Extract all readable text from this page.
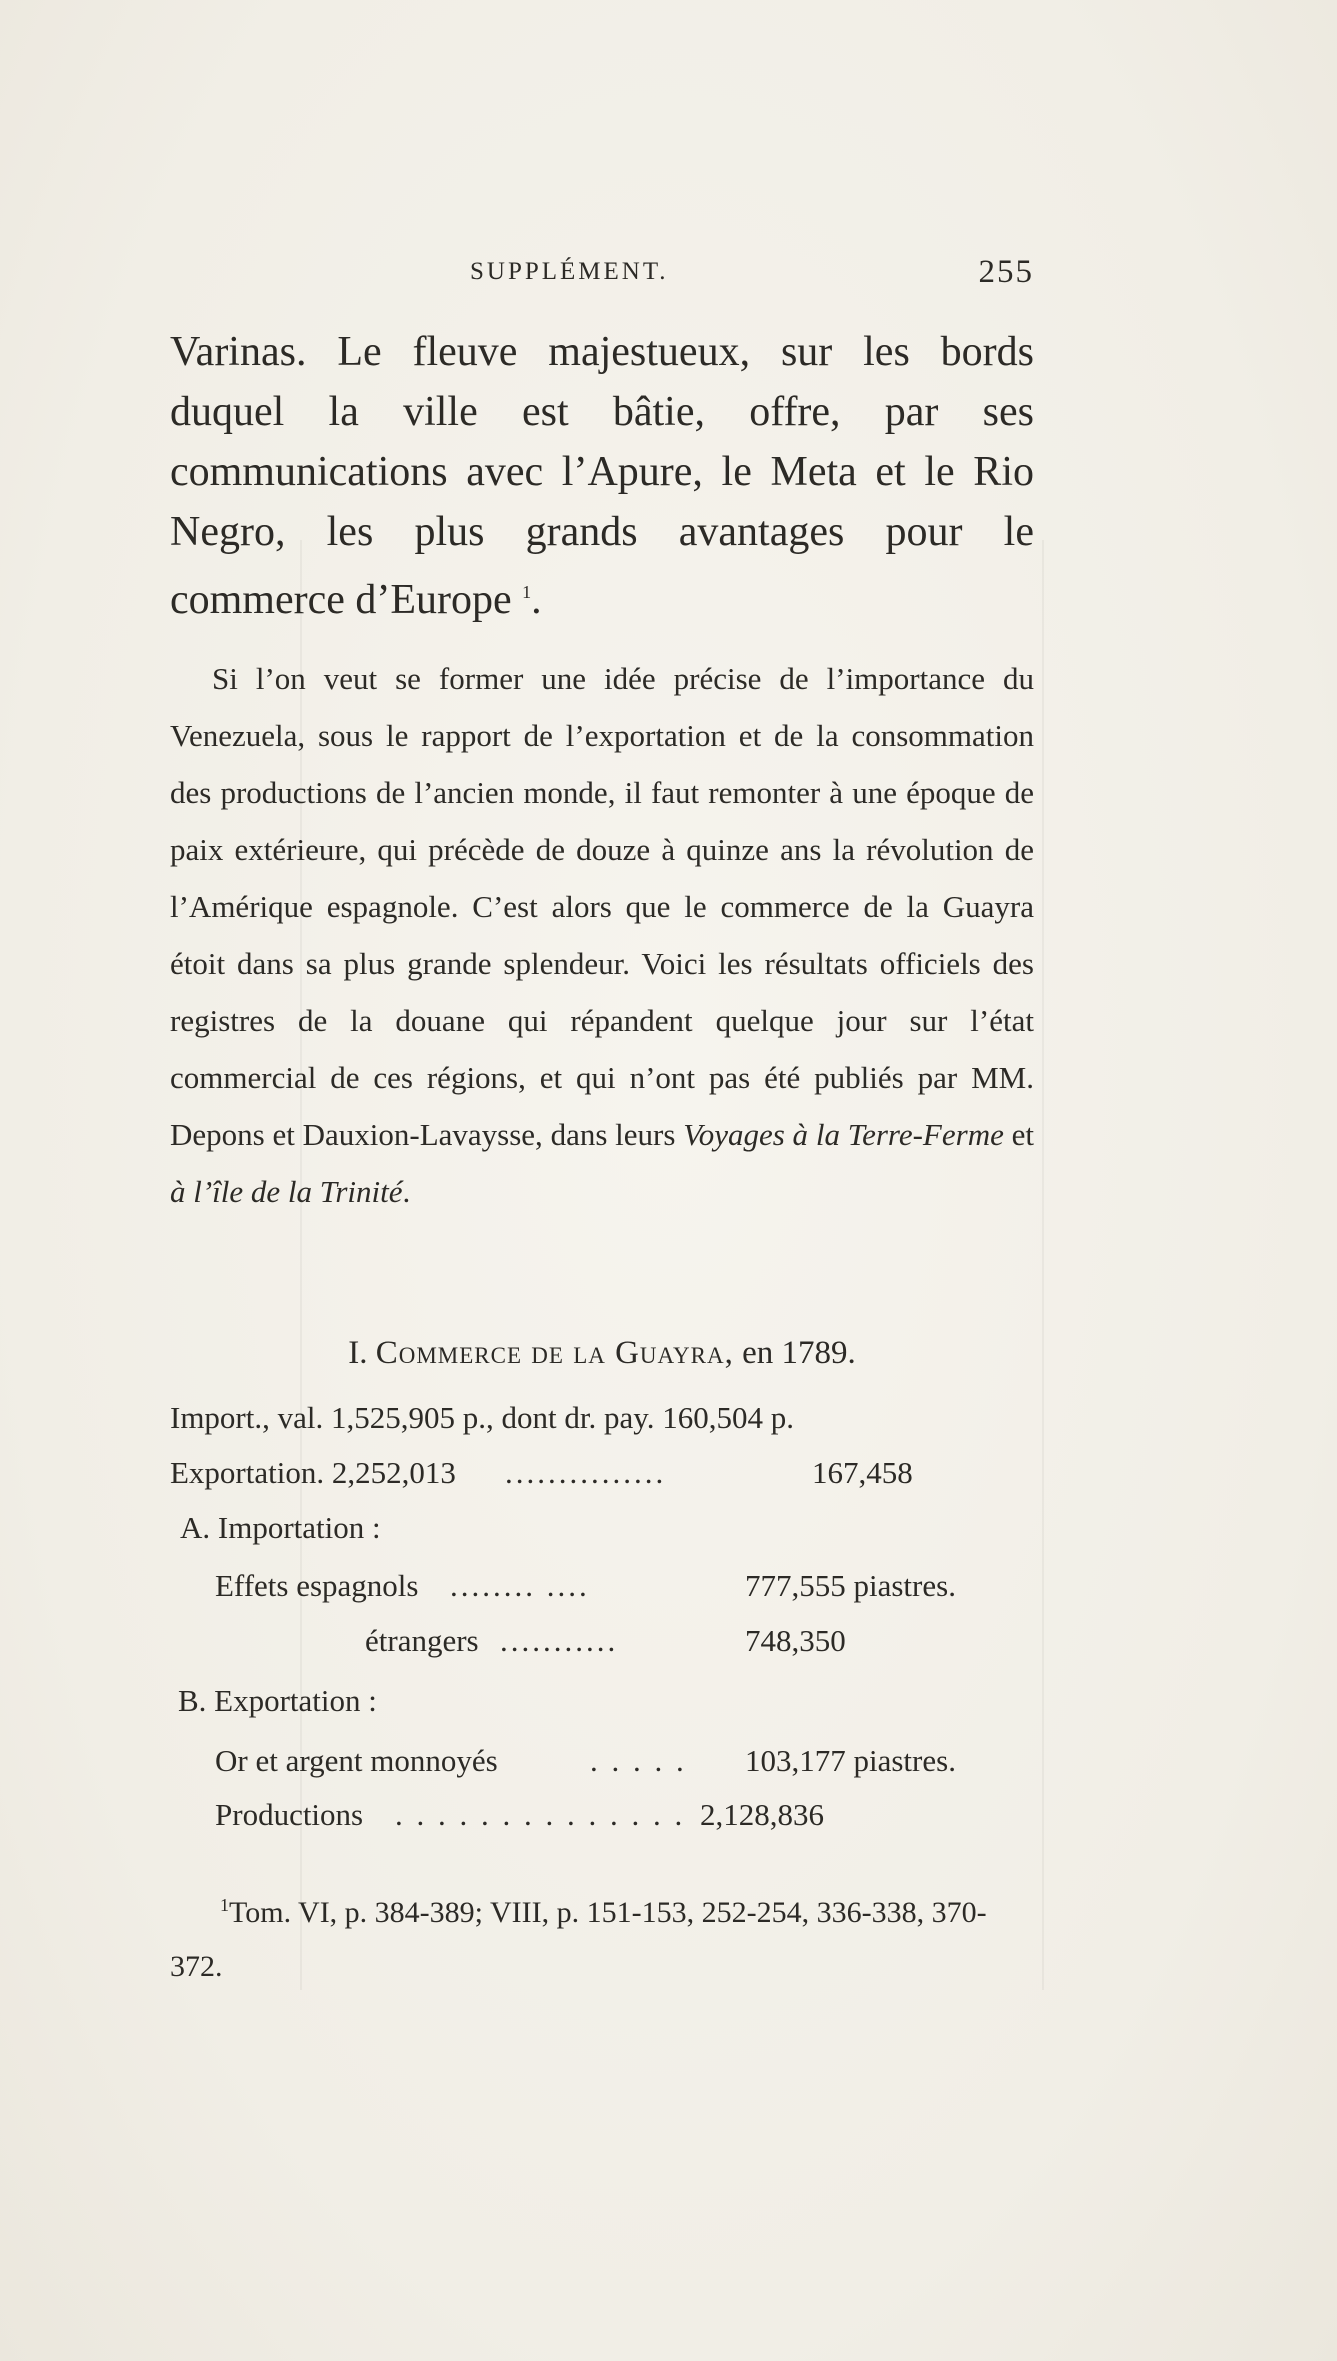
SUPPLÉMENT.	255

Varinas. Le fleuve majestueux, sur les bords duquel la ville est bâtie, offre, par ses communications avec l’Apure, le Meta et le Rio Negro, les plus grands avantages pour le commerce d’Europe $^1$.

Si l’on veut se former une idée précise de l’importance du Venezuela, sous le rapport de l’exportation et de la consommation des productions de l’ancien monde, il faut remonter à une époque de paix extérieure, qui précède de douze à quinze ans la révolution de l’Amérique espagnole. C’est alors que le commerce de la Guayra étoit dans sa plus grande splendeur. Voici les résultats officiels des registres de la douane qui répandent quelque jour sur l’état commercial de ces régions, et qui n’ont pas été publiés par MM. Depons et Dauxion-Lavaysse, dans leurs Voyages à la Terre-Ferme et à l’île de la Trinité.

I. Commerce de la Guayra, en 1789.
Import., val. 1,525,905 p., dont dr. pay. 160,504 p.
Exportation. 2,252,013 ...............	167,458
A. Importation :
Effets espagnols ........ ....	777,555 piastres.
étrangers ...........	748,350
B. Exportation :
Or et argent monnoyés	. . . . . 103,177 piastres.
Productions . . . . . . . . . . . . . . 2,128,836

$^1$Tom. VI, p. 384-389; VIII, p. 151-153, 252-254, 336-338, 370-372.
